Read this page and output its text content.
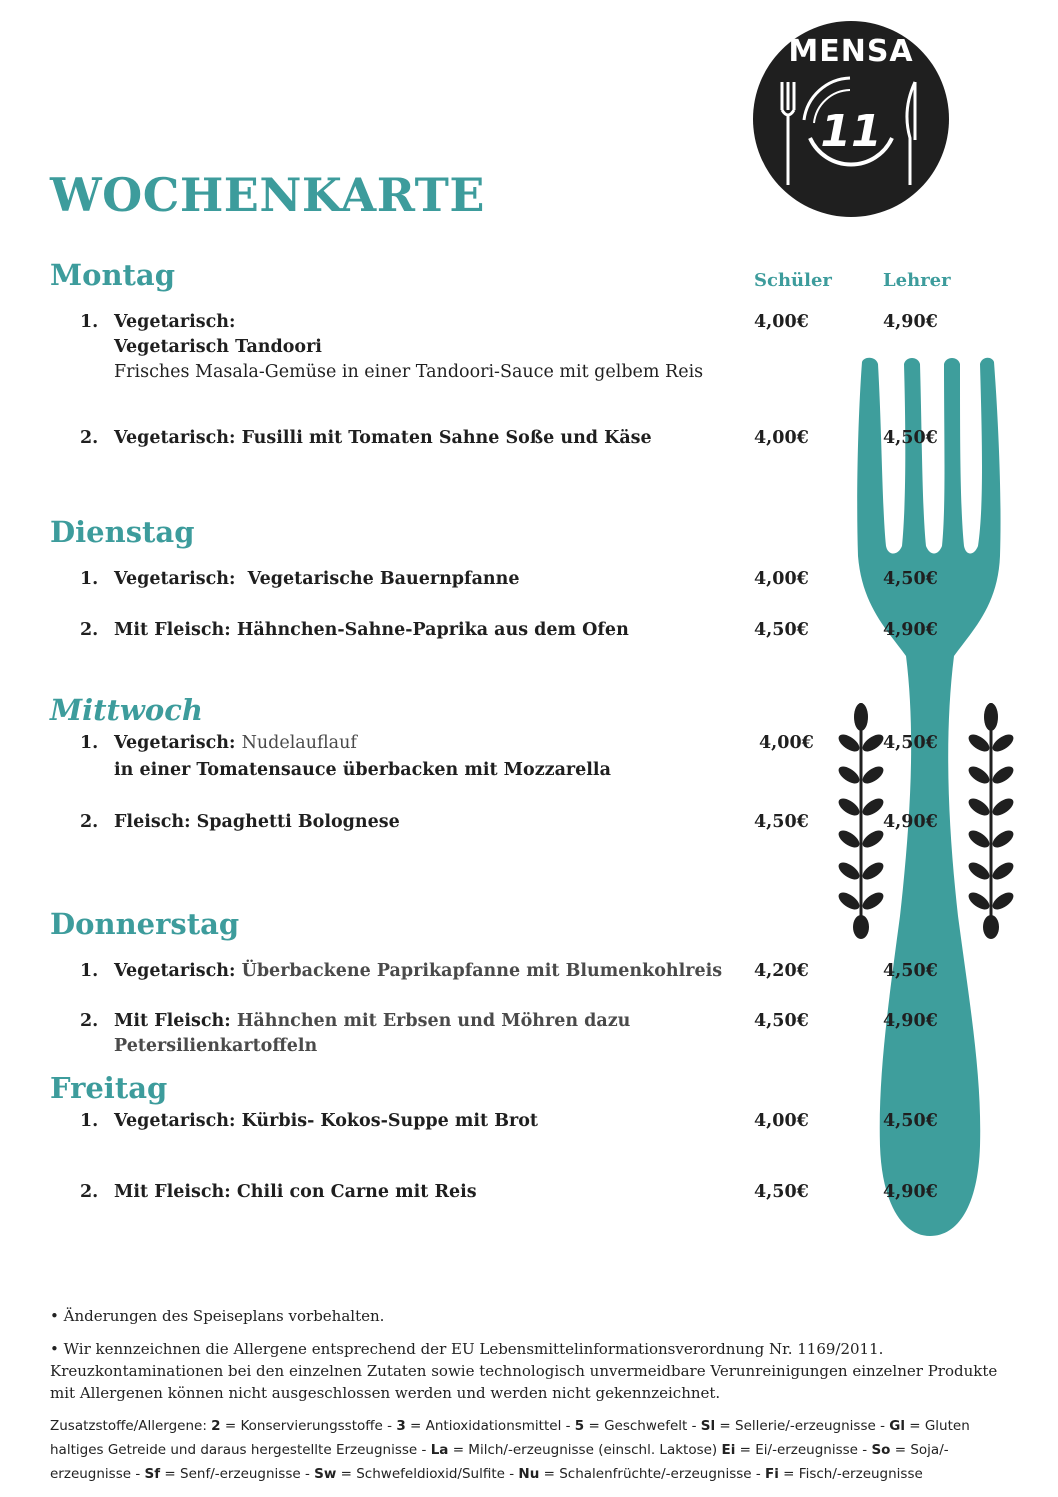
MENSA
11
WOCHENKARTE
Schüler	Lehrer
Montag
1. Vegetarisch:
Vegetarisch Tandoori
Frisches Masala-Gemüse in einer Tandoori-Sauce mit gelbem Reis
4,00€	4,90€
2. Vegetarisch: Fusilli mit Tomaten Sahne Soße und Käse	4,00€	4,50€
Dienstag
1. Vegetarisch: Vegetarische Bauernpfanne	4,00€	4,50€
2. Mit Fleisch: Hähnchen-Sahne-Paprika aus dem Ofen	4,50€	4,90€
Mittwoch
1. Vegetarisch: Nudelauflauf
in einer Tomatensauce überbacken mit Mozzarella
4,00€	4,50€
2. Fleisch: Spaghetti Bolognese	4,50€	4,90€
Donnerstag
1. Vegetarisch: Überbackene Paprikapfanne mit Blumenkohlreis	4,20€	4,50€
2. Mit Fleisch: Hähnchen mit Erbsen und Möhren dazu
Petersilienkartoffeln
4,50€	4,90€
Freitag
1. Vegetarisch: Kürbis- Kokos-Suppe mit Brot	4,00€	4,50€
2. Mit Fleisch: Chili con Carne mit Reis	4,50€	4,90€
• Änderungen des Speiseplans vorbehalten.
• Wir kennzeichnen die Allergene entsprechend der EU Lebensmittelinformationsverordnung Nr. 1169/2011.
Kreuzkontaminationen bei den einzelnen Zutaten sowie technologisch unvermeidbare Verunreinigungen einzelner Produkte
mit Allergenen können nicht ausgeschlossen werden und werden nicht gekennzeichnet.
Zusatzstoffe/Allergene: 2 = Konservierungsstoffe - 3 = Antioxidationsmittel - 5 = Geschwefelt - Sl = Sellerie/-erzeugnisse - Gl = Gluten haltiges Getreide und daraus hergestellte Erzeugnisse - La = Milch/-erzeugnisse (einschl. Laktose) Ei = Ei/-erzeugnisse - So = Soja/-erzeugnisse - Sf = Senf/-erzeugnisse - Sw = Schwefeldioxid/Sulfite - Nu = Schalenfrüchte/-erzeugnisse - Fi = Fisch/-erzeugnisse
